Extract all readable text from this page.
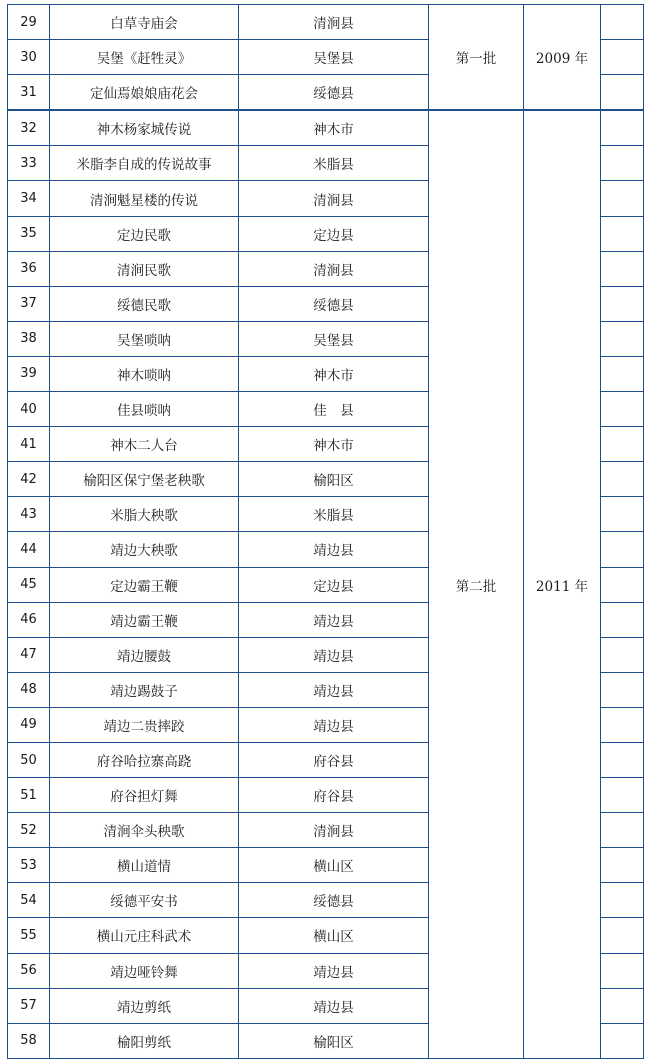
29	白草寺庙会	清涧县	第一批	2009 年	
30	吴堡《赶牲灵》	吴堡县			
31	定仙焉娘娘庙花会	绥德县			
32	神木杨家城传说	神木市	第二批	2011 年	
33	米脂李自成的传说故事	米脂县			
34	清涧魁星楼的传说	清涧县			
35	定边民歌	定边县			
36	清涧民歌	清涧县			
37	绥德民歌	绥德县			
38	吴堡唢呐	吴堡县			
39	神木唢呐	神木市			
40	佳县唢呐	佳　县			
41	神木二人台	神木市			
42	榆阳区保宁堡老秧歌	榆阳区			
43	米脂大秧歌	米脂县			
44	靖边大秧歌	靖边县			
45	定边霸王鞭	定边县			
46	靖边霸王鞭	靖边县			
47	靖边腰鼓	靖边县			
48	靖边踢鼓子	靖边县			
49	靖边二贵摔跤	靖边县			
50	府谷哈拉寨高跷	府谷县			
51	府谷担灯舞	府谷县			
52	清涧伞头秧歌	清涧县			
53	横山道情	横山区			
54	绥德平安书	绥德县			
55	横山元庄科武术	横山区			
56	靖边哑铃舞	靖边县			
57	靖边剪纸	靖边县			
58	榆阳剪纸	榆阳区			
